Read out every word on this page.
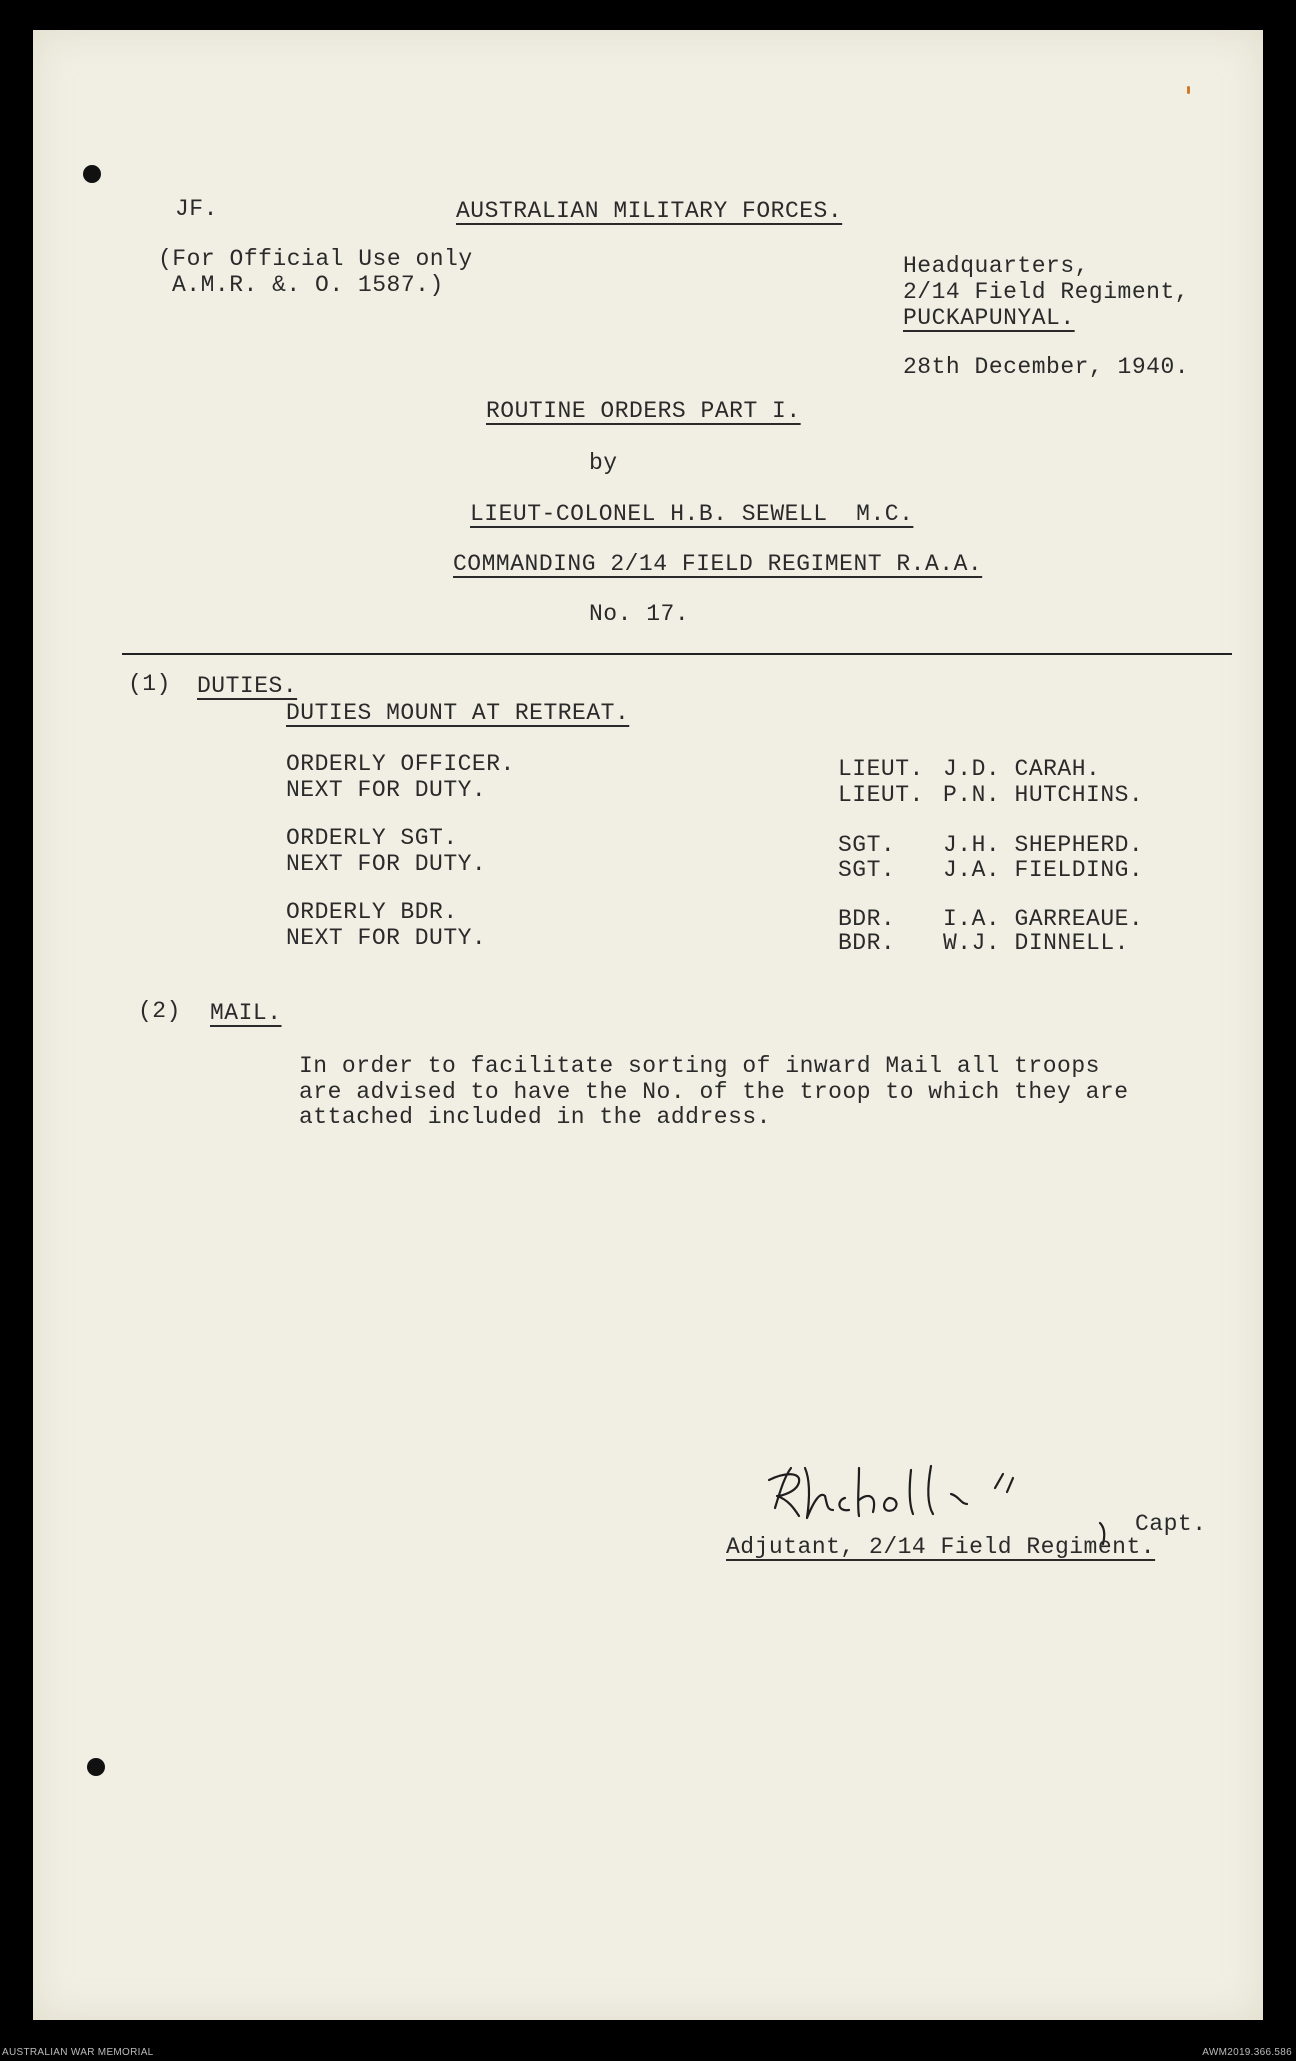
JF.	AUSTRALIAN MILITARY FORCES.
(For Official Use only
A.M.R. &. O. 1587.)
Headquarters,
2/14 Field Regiment,
PUCKAPUNYAL.
28th December, 1940.
ROUTINE ORDERS PART I.
by
LIEUT-COLONEL H.B. SEWELL  M.C.
COMMANDING 2/14 FIELD REGIMENT R.A.A.
No. 17.
(1) DUTIES.
DUTIES MOUNT AT RETREAT.
ORDERLY OFFICER.	LIEUT. J.D. CARAH.
NEXT FOR DUTY.	LIEUT. P.N. HUTCHINS.
ORDERLY SGT.	SGT. J.H. SHEPHERD.
NEXT FOR DUTY.	SGT. J.A. FIELDING.
ORDERLY BDR.	BDR. I.A. GARREAUE.
NEXT FOR DUTY.	BDR. W.J. DINNELL.
(2) MAIL.
In order to facilitate sorting of inward Mail all troops
are advised to have the No. of the troop to which they are
attached included in the address.
Capt.
Adjutant, 2/14 Field Regiment.
AUSTRALIAN WAR MEMORIAL	AWM2019.366.586
